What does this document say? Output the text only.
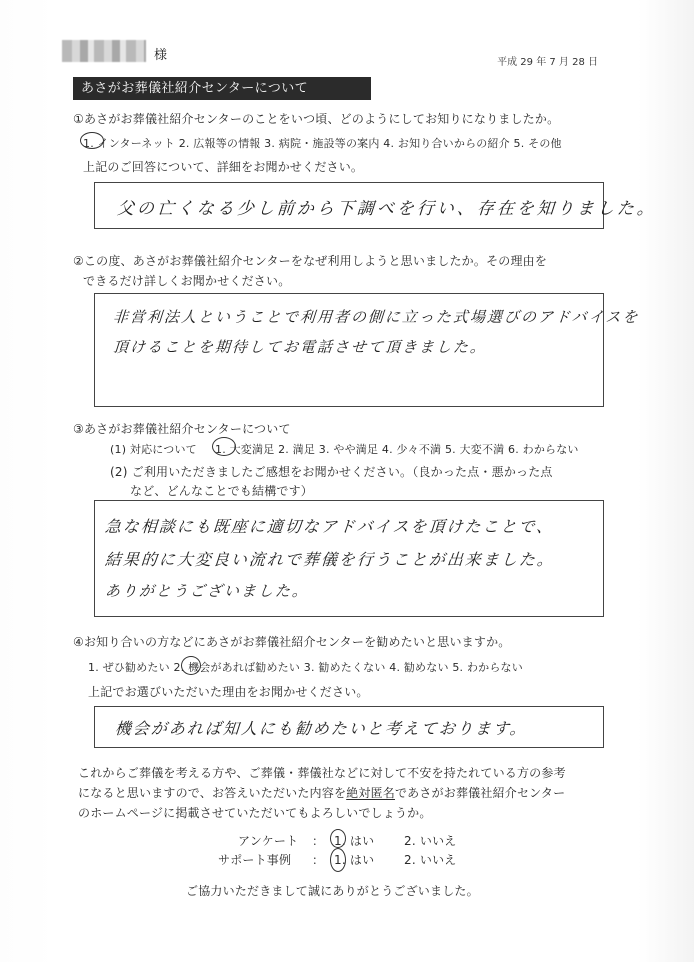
様	平成 29 年 7 月 28 日
あさがお葬儀社紹介センターについて
①あさがお葬儀社紹介センターのことをいつ頃、どのようにしてお知りになりましたか。
1. インターネット 2. 広報等の情報 3. 病院・施設等の案内 4. お知り合いからの紹介 5. その他
上記のご回答について、詳細をお聞かせください。
父の亡くなる少し前から下調べを行い、存在を知りました。
②この度、あさがお葬儀社紹介センターをなぜ利用しようと思いましたか。その理由を
できるだけ詳しくお聞かせください。
非営利法人ということで利用者の側に立った式場選びのアドバイスを
頂けることを期待してお電話させて頂きました。
③あさがお葬儀社紹介センターについて
(1) 対応について 1. 大変満足 2. 満足 3. やや満足 4. 少々不満 5. 大変不満 6. わからない
(2) ご利用いただきましたご感想をお聞かせください。（良かった点・悪かった点
など、どんなことでも結構です）
急な相談にも既座に適切なアドバイスを頂けたことで、
結果的に大変良い流れで葬儀を行うことが出来ました。
ありがとうございました。
④お知り合いの方などにあさがお葬儀社紹介センターを勧めたいと思いますか。
1. ぜひ勧めたい 2. 機会があれば勧めたい 3. 勧めたくない 4. 勧めない 5. わからない
上記でお選びいただいた理由をお聞かせください。
機会があれば知人にも勧めたいと考えております。
これからご葬儀を考える方や、ご葬儀・葬儀社などに対して不安を持たれている方の参考
になると思いますので、お答えいただいた内容を絶対匿名であさがお葬儀社紹介センター
のホームページに掲載させていただいてもよろしいでしょうか。
アンケート ： 1. はい 2. いいえ
サポート事例 ： 1. はい 2. いいえ
ご協力いただきまして誠にありがとうございました。
